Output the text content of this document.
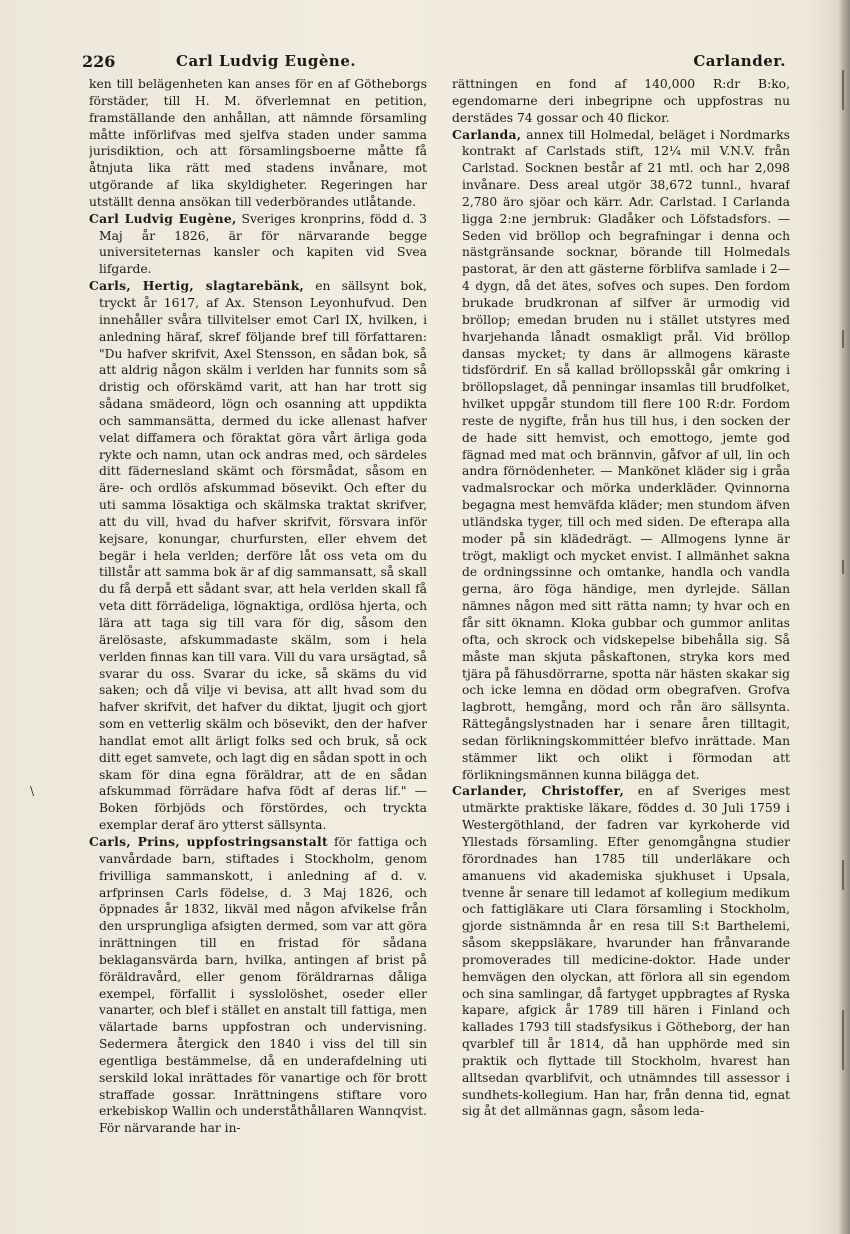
226	Carl Ludvig Eugène.	Carlander.

ken till belägenheten kan anses för en af Götheborgs förstäder, till H. M. öfverlemnat en petition, framställande den anhållan, att nämnde församling måtte införlifvas med sjelfva staden under samma jurisdiktion, och att församlingsboerne måtte få åtnjuta lika rätt med stadens invånare, mot utgörande af lika skyldigheter. Regeringen har utställt denna ansökan till vederbörandes utlåtande.

Carl Ludvig Eugène, Sveriges kronprins, född d. 3 Maj år 1826, är för närvarande begge universiteternas kansler och kapiten vid Svea lifgarde.

Carls, Hertig, slagtarebänk, en sällsynt bok, tryckt år 1617, af Ax. Stenson Leyonhufvud. Den innehåller svåra tillvitelser emot Carl IX, hvilken, i anledning häraf, skref följande bref till författaren: "Du hafver skrifvit, Axel Stensson, en sådan bok, så att aldrig någon skälm i verlden har funnits som så dristig och oförskämd varit, att han har trott sig sådana smädeord, lögn och osanning att uppdikta och sammansätta, dermed du icke allenast hafver velat diffamera och föraktat göra vårt ärliga goda rykte och namn, utan ock andras med, och särdeles ditt fädernesland skämt och försmådat, såsom en äre- och ordlös afskummad bösevikt. Och efter du uti samma lösaktiga och skälmska traktat skrifver, att du vill, hvad du hafver skrifvit, försvara inför kejsare, konungar, churfursten, eller ehvem det begär i hela verlden; derföre låt oss veta om du tillstår att samma bok är af dig sammansatt, så skall du få derpå ett sådant svar, att hela verlden skall få veta ditt förrädeliga, lögnaktiga, ordlösa hjerta, och lära att taga sig till vara för dig, såsom den ärelösaste, afskummadaste skälm, som i hela verlden finnas kan till vara. Vill du vara ursägtad, så svarar du oss. Svarar du icke, så skäms du vid saken; och då vilje vi bevisa, att allt hvad som du hafver skrifvit, det hafver du diktat, ljugit och gjort som en vetterlig skälm och bösevikt, den der hafver handlat emot allt ärligt folks sed och bruk, så ock ditt eget samvete, och lagt dig en sådan spott in och skam för dina egna föräldrar, att de en sådan afskummad förrädare hafva födt af deras lif." — Boken förbjöds och förstördes, och tryckta exemplar deraf äro ytterst sällsynta.

Carls, Prins, uppfostringsanstalt för fattiga och vanvårdade barn, stiftades i Stockholm, genom frivilliga sammanskott, i anledning af d. v. arfprinsen Carls födelse, d. 3 Maj 1826, och öppnades år 1832, likväl med någon afvikelse från den ursprungliga afsigten dermed, som var att göra inrättningen till en fristad för sådana beklagansvärda barn, hvilka, antingen af brist på föräldravård, eller genom föräldrarnas dåliga exempel, förfallit i sysslolöshet, oseder eller vanarter, och blef i stället en anstalt till fattiga, men välartade barns uppfostran och undervisning. Sedermera återgick den 1840 i viss del till sin egentliga bestämmelse, då en underafdelning uti serskild lokal inrättades för vanartige och för brott straffade gossar. Inrättningens stiftare voro erkebiskop Wallin och underståthållaren Wannqvist. För närvarande har in-

rättningen en fond af 140,000 R:dr B:ko, egendomarne deri inbegripne och uppfostras nu derstädes 74 gossar och 40 flickor.

Carlanda, annex till Holmedal, beläget i Nordmarks kontrakt af Carlstads stift, 12¼ mil V.N.V. från Carlstad. Socknen består af 21 mtl. och har 2,098 invånare. Dess areal utgör 38,672 tunnl., hvaraf 2,780 äro sjöar och kärr. Adr. Carlstad. I Carlanda ligga 2:ne jernbruk: Gladåker och Löfstadsfors. — Seden vid bröllop och begrafningar i denna och nästgränsande socknar, börande till Holmedals pastorat, är den att gästerne förblifva samlade i 2—4 dygn, då det ätes, sofves och supes. Den fordom brukade brudkronan af silfver är urmodig vid bröllop; emedan bruden nu i stället utstyres med hvarjehanda lånadt osmakligt prål. Vid bröllop dansas mycket; ty dans är allmogens käraste tidsfördrif. En så kallad bröllopsskål går omkring i bröllopslaget, då penningar insamlas till brudfolket, hvilket uppgår stundom till flere 100 R:dr. Fordom reste de nygifte, från hus till hus, i den socken der de hade sitt hemvist, och emottogo, jemte god fägnad med mat och brännvin, gåfvor af ull, lin och andra förnödenheter. — Mankönet kläder sig i gråa vadmalsrockar och mörka underkläder. Qvinnorna begagna mest hemväfda kläder; men stundom äfven utländska tyger, till och med siden. De efterapa alla moder på sin klädedrägt. — Allmogens lynne är trögt, makligt och mycket envist. I allmänhet sakna de ordningssinne och omtanke, handla och vandla gerna, äro föga händige, men dyrlejde. Sällan nämnes någon med sitt rätta namn; ty hvar och en får sitt öknamn. Kloka gubbar och gummor anlitas ofta, och skrock och vidskepelse bibehålla sig. Så måste man skjuta påskaftonen, stryka kors med tjära på fähusdörrarne, spotta när hästen skakar sig och icke lemna en dödad orm obegrafven. Grofva lagbrott, hemgång, mord och rån äro sällsynta. Rättegångslystnaden har i senare åren tilltagit, sedan förlikningskommittéer blefvo inrättade. Man stämmer likt och olikt i förmodan att förlikningsmännen kunna bilägga det.

Carlander, Christoffer, en af Sveriges mest utmärkte praktiske läkare, föddes d. 30 Juli 1759 i Westergöthland, der fadren var kyrkoherde vid Yllestads församling. Efter genomgångna studier förordnades han 1785 till underläkare och amanuens vid akademiska sjukhuset i Upsala, tvenne år senare till ledamot af kollegium medikum och fattigläkare uti Clara församling i Stockholm, gjorde sistnämnda år en resa till S:t Barthelemi, såsom skeppsläkare, hvarunder han frånvarande promoverades till medicine-doktor. Hade under hemvägen den olyckan, att förlora all sin egendom och sina samlingar, då fartyget uppbragtes af Ryska kapare, afgick år 1789 till hären i Finland och kallades 1793 till stadsfysikus i Götheborg, der han qvarblef till år 1814, då han upphörde med sin praktik och flyttade till Stockholm, hvarest han alltsedan qvarblifvit, och utnämndes till assessor i sundhets-kollegium. Han har, från denna tid, egnat sig åt det allmännas gagn, såsom leda-

\
